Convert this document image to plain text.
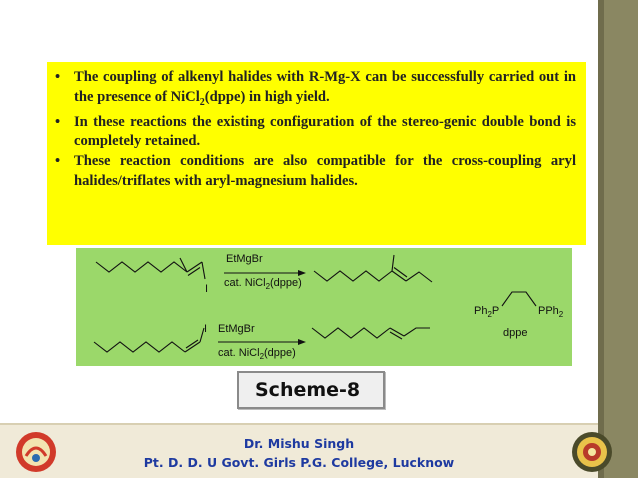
• The coupling of alkenyl halides with R-Mg-X can be successfully carried out in the presence of NiCl$_2$(dppe) in high yield.
• In these reactions the existing configuration of the stereo-genic double bond is completely retained.
• These reaction conditions are also compatible for the cross-coupling aryl halides/triflates with aryl-magnesium halides.
I
EtMgBr
cat. NiCl$_2$(dppe)
I EtMgBr
cat. NiCl$_2$(dppe)
$Ph_2P$	PPh$_2$
dppe
Scheme-8
Dr. Mishu Singh
Pt. D. D. U Govt. Girls P.G. College, Lucknow
